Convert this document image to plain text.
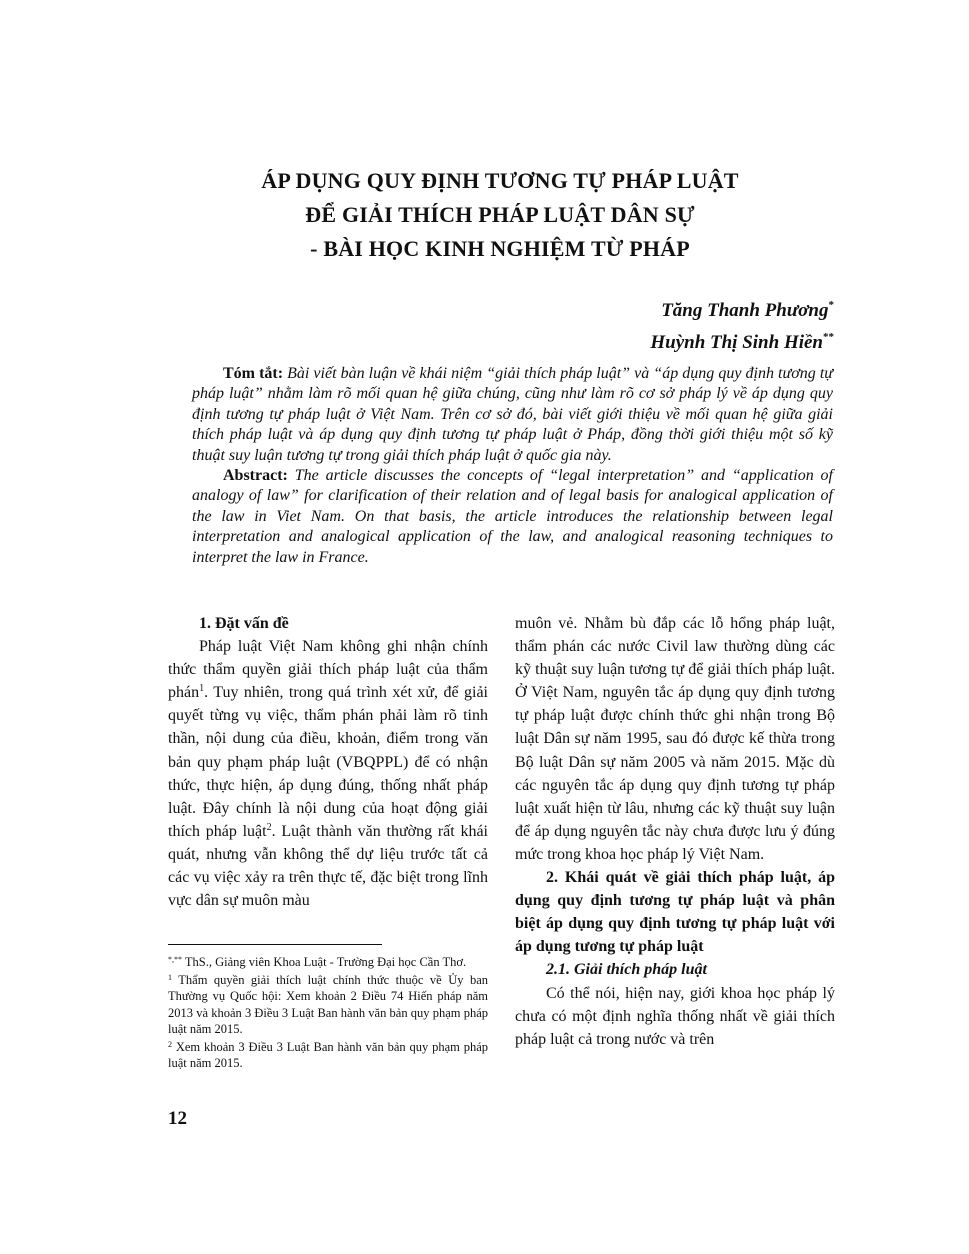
ÁP DỤNG QUY ĐỊNH TƯƠNG TỰ PHÁP LUẬT
ĐỂ GIẢI THÍCH PHÁP LUẬT DÂN SỰ
- BÀI HỌC KINH NGHIỆM TỪ PHÁP
Tăng Thanh Phương*
Huỳnh Thị Sinh Hiền**

Tóm tắt: Bài viết bàn luận về khái niệm “giải thích pháp luật” và “áp dụng quy định tương tự pháp luật” nhằm làm rõ mối quan hệ giữa chúng, cũng như làm rõ cơ sở pháp lý về áp dụng quy định tương tự pháp luật ở Việt Nam. Trên cơ sở đó, bài viết giới thiệu về mối quan hệ giữa giải thích pháp luật và áp dụng quy định tương tự pháp luật ở Pháp, đồng thời giới thiệu một số kỹ thuật suy luận tương tự trong giải thích pháp luật ở quốc gia này.

Abstract: The article discusses the concepts of “legal interpretation” and “application of analogy of law” for clarification of their relation and of legal basis for analogical application of the law in Viet Nam. On that basis, the article introduces the relationship between legal interpretation and analogical application of the law, and analogical reasoning techniques to interpret the law in France.

1. Đặt vấn đề

Pháp luật Việt Nam không ghi nhận chính thức thẩm quyền giải thích pháp luật của thẩm phán$^1$. Tuy nhiên, trong quá trình xét xử, để giải quyết từng vụ việc, thẩm phán phải làm rõ tinh thần, nội dung của điều, khoản, điểm trong văn bản quy phạm pháp luật (VBQPPL) để có nhận thức, thực hiện, áp dụng đúng, thống nhất pháp luật. Đây chính là nội dung của hoạt động giải thích pháp luật$^2$. Luật thành văn thường rất khái quát, nhưng vẫn không thể dự liệu trước tất cả các vụ việc xảy ra trên thực tế, đặc biệt trong lĩnh vực dân sự muôn màu

*,** ThS., Giảng viên Khoa Luật - Trường Đại học Cần Thơ.

$^1$ Thẩm quyền giải thích luật chính thức thuộc về Ủy ban Thường vụ Quốc hội: Xem khoản 2 Điều 74 Hiến pháp năm 2013 và khoản 3 Điều 3 Luật Ban hành văn bản quy phạm pháp luật năm 2015.

$^2$ Xem khoản 3 Điều 3 Luật Ban hành văn bản quy phạm pháp luật năm 2015.

muôn vẻ. Nhằm bù đắp các lỗ hổng pháp luật, thẩm phán các nước Civil law thường dùng các kỹ thuật suy luận tương tự để giải thích pháp luật. Ở Việt Nam, nguyên tắc áp dụng quy định tương tự pháp luật được chính thức ghi nhận trong Bộ luật Dân sự năm 1995, sau đó được kế thừa trong Bộ luật Dân sự năm 2005 và năm 2015. Mặc dù các nguyên tắc áp dụng quy định tương tự pháp luật xuất hiện từ lâu, nhưng các kỹ thuật suy luận để áp dụng nguyên tắc này chưa được lưu ý đúng mức trong khoa học pháp lý Việt Nam.

2. Khái quát về giải thích pháp luật, áp dụng quy định tương tự pháp luật và phân biệt áp dụng quy định tương tự pháp luật với áp dụng tương tự pháp luật

2.1. Giải thích pháp luật

Có thể nói, hiện nay, giới khoa học pháp lý chưa có một định nghĩa thống nhất về giải thích pháp luật cả trong nước và trên

12
